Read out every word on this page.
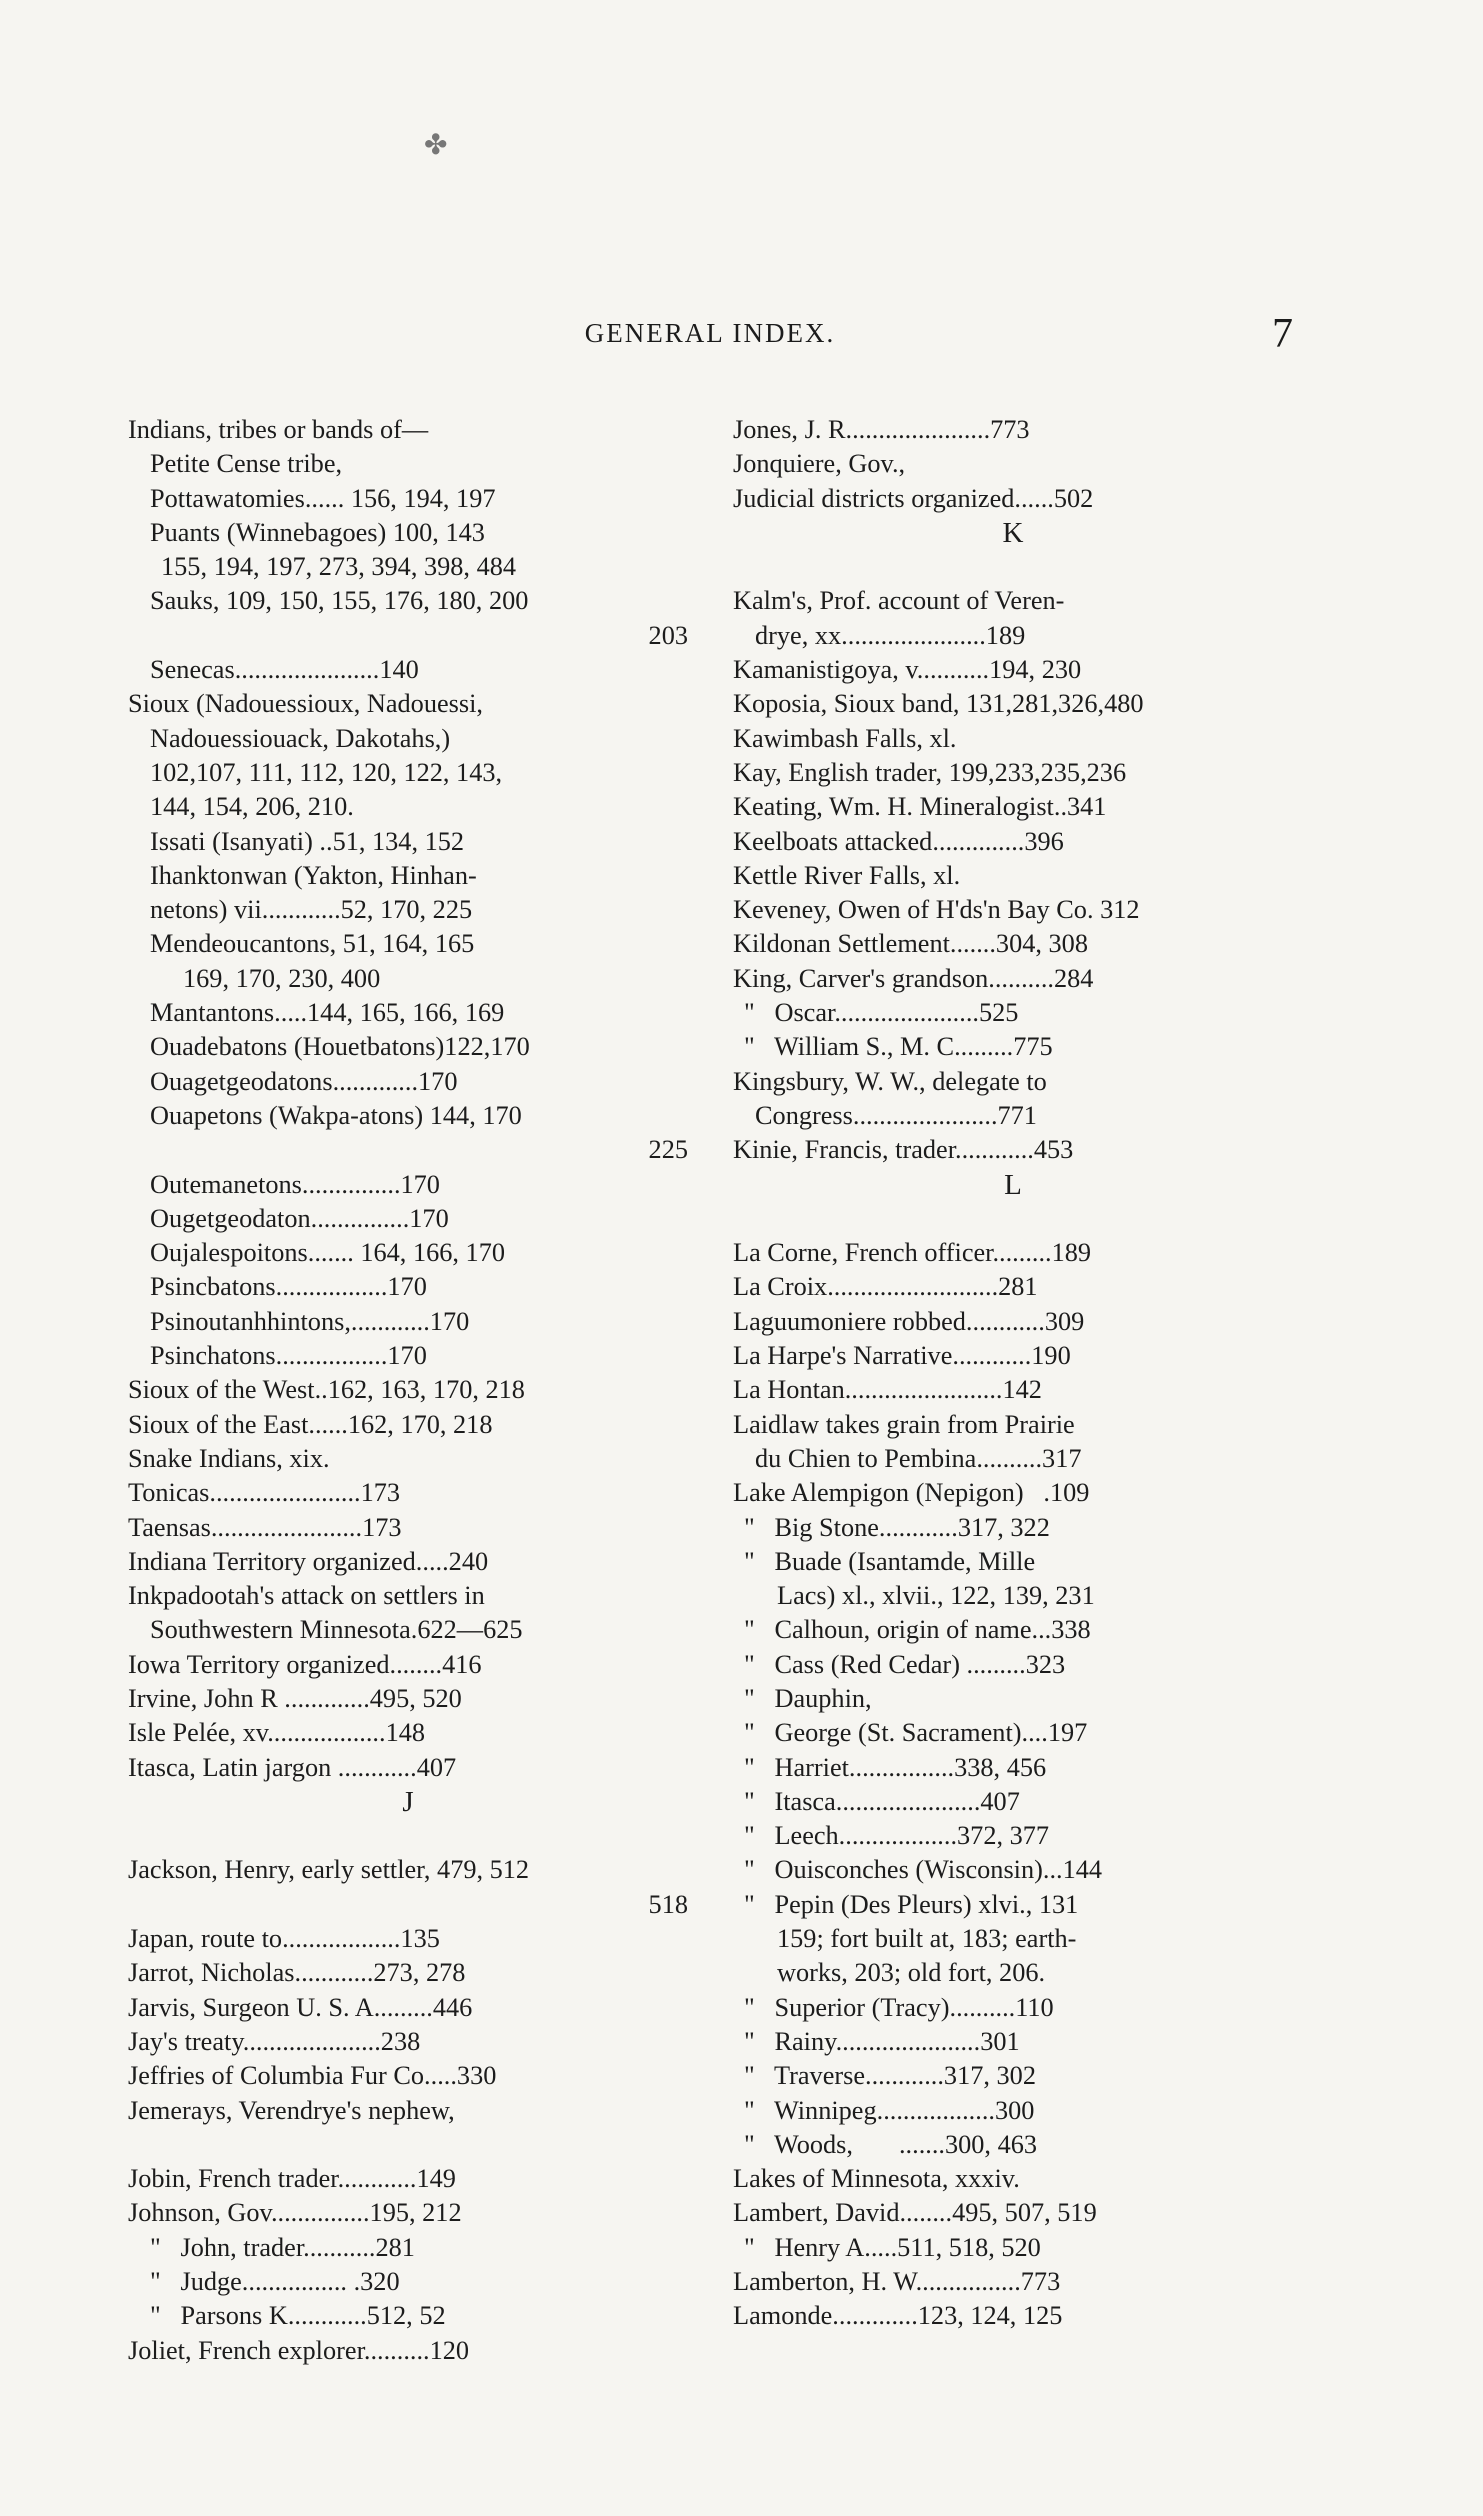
✤
GENERAL INDEX.	7
Indians, tribes or bands of—
Petite Cense tribe,
Pottawatomies...... 156, 194, 197
Puants (Winnebagoes) 100, 143
155, 194, 197, 273, 394, 398, 484
Sauks, 109, 150, 155, 176, 180, 200
203
Senecas......................140
Sioux (Nadouessioux, Nadouessi,
Nadouessiouack, Dakotahs,)
102,107, 111, 112, 120, 122, 143,
144, 154, 206, 210.
Issati (Isanyati) ..51, 134, 152
Ihanktonwan (Yakton, Hinhan-
netons) vii............52, 170, 225
Mendeoucantons, 51, 164, 165
169, 170, 230, 400
Mantantons.....144, 165, 166, 169
Ouadebatons (Houetbatons)122,170
Ouagetgeodatons.............170
Ouapetons (Wakpa-atons) 144, 170
225
Outemanetons...............170
Ougetgeodaton...............170
Oujalespoitons....... 164, 166, 170
Psincbatons.................170
Psinoutanhhintons,............170
Psinchatons.................170
Sioux of the West..162, 163, 170, 218
Sioux of the East......162, 170, 218
Snake Indians, xix.
Tonicas.......................173
Taensas.......................173
Indiana Territory organized.....240
Inkpadootah's attack on settlers in
Southwestern Minnesota.622—625
Iowa Territory organized........416
Irvine, John R .............495, 520
Isle Pelée, xv..................148
Itasca, Latin jargon ............407
J
Jackson, Henry, early settler, 479, 512
518
Japan, route to..................135
Jarrot, Nicholas............273, 278
Jarvis, Surgeon U. S. A.........446
Jay's treaty.....................238
Jeffries of Columbia Fur Co.....330
Jemerays, Verendrye's nephew,
Jobin, French trader............149
Johnson, Gov...............195, 212
"   John, trader...........281
"   Judge................ .320
"   Parsons K............512, 52
Joliet, French explorer..........120
Jones, J. R......................773
Jonquiere, Gov.,
Judicial districts organized......502
K
Kalm's, Prof. account of Veren-
drye, xx......................189
Kamanistigoya, v...........194, 230
Koposia, Sioux band, 131,281,326,480
Kawimbash Falls, xl.
Kay, English trader, 199,233,235,236
Keating, Wm. H. Mineralogist..341
Keelboats attacked..............396
Kettle River Falls, xl.
Keveney, Owen of H'ds'n Bay Co. 312
Kildonan Settlement.......304, 308
King, Carver's grandson..........284
"   Oscar......................525
"   William S., M. C.........775
Kingsbury, W. W., delegate to
Congress......................771
Kinie, Francis, trader............453
L
La Corne, French officer.........189
La Croix..........................281
Laguumoniere robbed............309
La Harpe's Narrative............190
La Hontan........................142
Laidlaw takes grain from Prairie
du Chien to Pembina..........317
Lake Alempigon (Nepigon)   .109
"   Big Stone............317, 322
"   Buade (Isantamde, Mille
Lacs) xl., xlvii., 122, 139, 231
"   Calhoun, origin of name...338
"   Cass (Red Cedar) .........323
"   Dauphin,
"   George (St. Sacrament)....197
"   Harriet................338, 456
"   Itasca......................407
"   Leech..................372, 377
"   Ouisconches (Wisconsin)...144
"   Pepin (Des Pleurs) xlvi., 131
159; fort built at, 183; earth-
works, 203; old fort, 206.
"   Superior (Tracy)..........110
"   Rainy......................301
"   Traverse............317, 302
"   Winnipeg..................300
"   Woods,       .......300, 463
Lakes of Minnesota, xxxiv.
Lambert, David........495, 507, 519
"   Henry A.....511, 518, 520
Lamberton, H. W................773
Lamonde.............123, 124, 125
